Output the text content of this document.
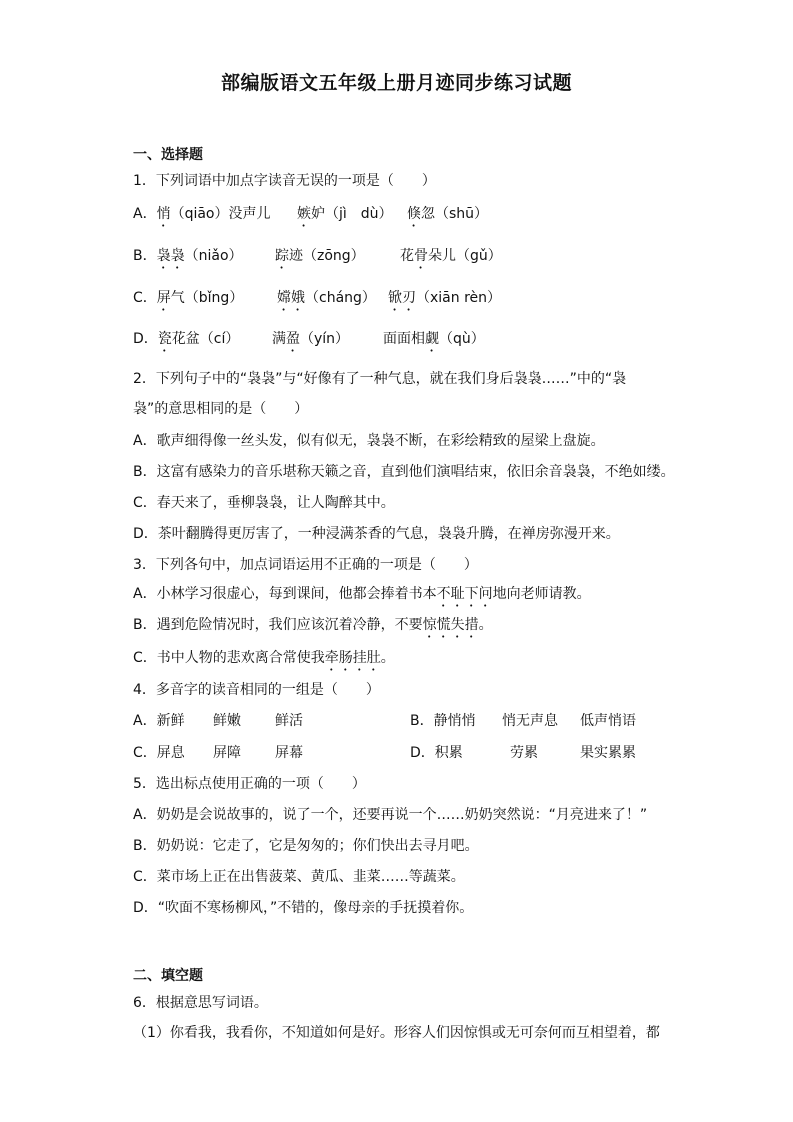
部编版语文五年级上册月迹同步练习试题
一、选择题
1．下列词语中加点字读音无误的一项是（　　）
A．悄（qiāo）没声儿 嫉妒（jì　dù） 倏忽（shū）
B．袅袅（niǎo） 踪迹（zōng）	花骨朵儿（gǔ）
C．屏气（bǐng） 嫦娥（cháng） 锨刃（xiān rèn）
D．瓷花盆（cí） 满盈（yín） 面面相觑（qù）
2．下列句子中的“袅袅”与“好像有了一种气息，就在我们身后袅袅……”中的“袅
袅”的意思相同的是（　　）
A．歌声细得像一丝头发，似有似无，袅袅不断，在彩绘精致的屋梁上盘旋。
B．这富有感染力的音乐堪称天籁之音，直到他们演唱结束，依旧余音袅袅，不绝如缕。
C．春天来了，垂柳袅袅，让人陶醉其中。
D．茶叶翻腾得更厉害了，一种浸满茶香的气息，袅袅升腾，在禅房弥漫开来。
3．下列各句中，加点词语运用不正确的一项是（　　）
A．小林学习很虚心，每到课间，他都会捧着书本不耻下问地向老师请教。
B．遇到危险情况时，我们应该沉着冷静，不要惊慌失措。
C．书中人物的悲欢离合常使我牵肠挂肚。
4．多音字的读音相同的一组是（　　）
A．新鲜 鲜嫩 鲜活	B．静悄悄 悄无声息 低声悄语
C．屏息 屏障 屏幕	D．积累	劳累	果实累累
5．选出标点使用正确的一项（　　）
A．奶奶是会说故事的，说了一个，还要再说一个……奶奶突然说：“月亮进来了！”
B．奶奶说：它走了，它是匆匆的；你们快出去寻月吧。
C．菜市场上正在出售菠菜、黄瓜、韭菜……等蔬菜。
D．“吹面不寒杨柳风，”不错的，像母亲的手抚摸着你。
二、填空题
6．根据意思写词语。
（1）你看我，我看你，不知道如何是好。形容人们因惊惧或无可奈何而互相望着，都
